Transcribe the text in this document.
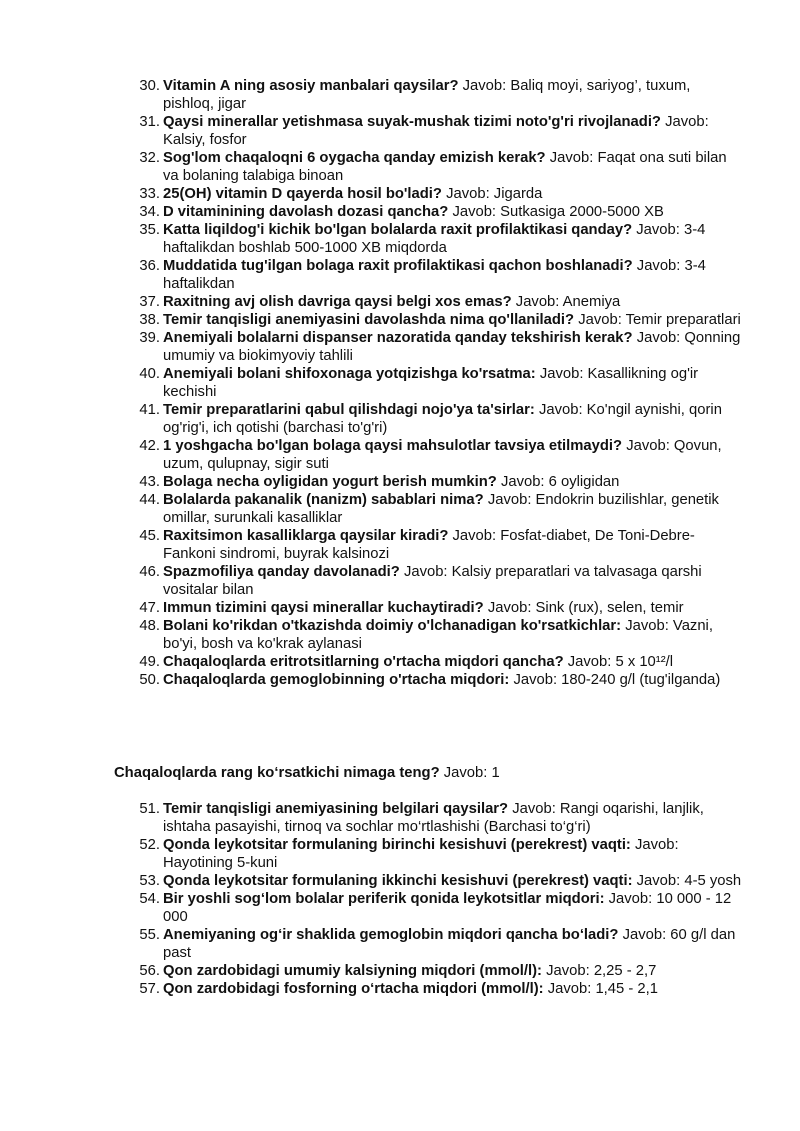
30. Vitamin A ning asosiy manbalari qaysilar? Javob: Baliq moyi, sariyog’, tuxum, pishloq, jigar
31. Qaysi minerallar yetishmasa suyak-mushak tizimi noto'g'ri rivojlanadi? Javob: Kalsiy, fosfor
32. Sog'lom chaqaloqni 6 oygacha qanday emizish kerak? Javob: Faqat ona suti bilan va bolaning talabiga binoan
33. 25(OH) vitamin D qayerda hosil bo'ladi? Javob: Jigarda
34. D vitaminining davolash dozasi qancha? Javob: Sutkasiga 2000-5000 XB
35. Katta liqildog'i kichik bo'lgan bolalarda raxit profilaktikasi qanday? Javob: 3-4 haftalikdan boshlab 500-1000 XB miqdorda
36. Muddatida tug'ilgan bolaga raxit profilaktikasi qachon boshlanadi? Javob: 3-4 haftalikdan
37. Raxitning avj olish davriga qaysi belgi xos emas? Javob: Anemiya
38. Temir tanqisligi anemiyasini davolashda nima qo'llaniladi? Javob: Temir preparatlari
39. Anemiyali bolalarni dispanser nazoratida qanday tekshirish kerak? Javob: Qonning umumiy va biokimyoviy tahlili
40. Anemiyali bolani shifoxonaga yotqizishga ko'rsatma: Javob: Kasallikning og'ir kechishi
41. Temir preparatlarini qabul qilishdagi nojo'ya ta'sirlar: Javob: Ko'ngil aynishi, qorin og'rig'i, ich qotishi (barchasi to'g'ri)
42. 1 yoshgacha bo'lgan bolaga qaysi mahsulotlar tavsiya etilmaydi? Javob: Qovun, uzum, qulupnay, sigir suti
43. Bolaga necha oyligidan yogurt berish mumkin? Javob: 6 oyligidan
44. Bolalarda pakanalik (nanizm) sabablari nima? Javob: Endokrin buzilishlar, genetik omillar, surunkali kasalliklar
45. Raxitsimon kasalliklarga qaysilar kiradi? Javob: Fosfat-diabet, De Toni-Debre-Fankoni sindromi, buyrak kalsinozi
46. Spazmofiliya qanday davolanadi? Javob: Kalsiy preparatlari va talvasaga qarshi vositalar bilan
47. Immun tizimini qaysi minerallar kuchaytiradi? Javob: Sink (rux), selen, temir
48. Bolani ko'rikdan o'tkazishda doimiy o'lchanadigan ko'rsatkichlar: Javob: Vazni, bo'yi, bosh va ko'krak aylanasi
49. Chaqaloqlarda eritrotsitlarning o'rtacha miqdori qancha? Javob: 5 x 10¹²/l
50. Chaqaloqlarda gemoglobinning o'rtacha miqdori: Javob: 180-240 g/l (tug'ilganda)
Chaqaloqlarda rang ko‘rsatkichi nimaga teng? Javob: 1
51. Temir tanqisligi anemiyasining belgilari qaysilar? Javob: Rangi oqarishi, lanjlik, ishtaha pasayishi, tirnoq va sochlar mo‘rtlashishi (Barchasi to‘g‘ri)
52. Qonda leykotsitar formulaning birinchi kesishuvi (perekrest) vaqti: Javob: Hayotining 5-kuni
53. Qonda leykotsitar formulaning ikkinchi kesishuvi (perekrest) vaqti: Javob: 4-5 yosh
54. Bir yoshli sog‘lom bolalar periferik qonida leykotsitlar miqdori: Javob: 10 000 - 12 000
55. Anemiyaning og‘ir shaklida gemoglobin miqdori qancha bo‘ladi? Javob: 60 g/l dan past
56. Qon zardobidagi umumiy kalsiyning miqdori (mmol/l): Javob: 2,25 - 2,7
57. Qon zardobidagi fosforning o‘rtacha miqdori (mmol/l): Javob: 1,45 - 2,1
